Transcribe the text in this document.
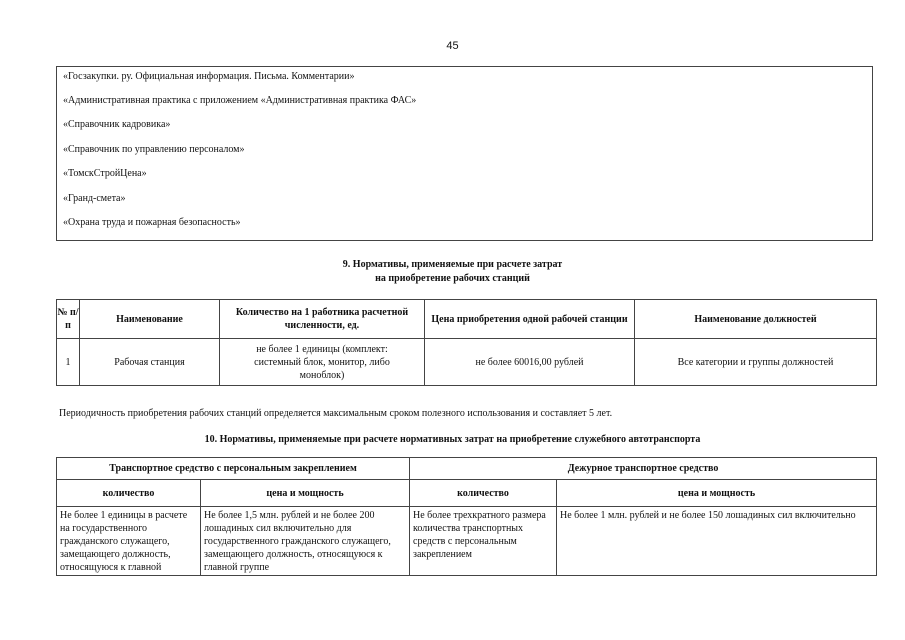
45
«Госзакупки. ру. Официальная информация. Письма. Комментарии»
«Административная практика с приложением «Административная практика ФАС»
«Справочник кадровика»
«Справочник по управлению персоналом»
«ТомскСтройЦена»
«Гранд-смета»
«Охрана труда и пожарная безопасность»
9. Нормативы, применяемые при расчете затрат
на приобретение рабочих станций
№ п/п	Наименование	Количество на 1 работника расчетной численности, ед.	Цена приобретения одной рабочей станции	Наименование должностей
1	Рабочая станция	не более 1 единицы (комплект: системный блок, монитор, либо моноблок)	не более 60016,00 рублей	Все категории и группы должностей
Периодичность приобретения рабочих станций определяется максимальным сроком полезного использования и составляет 5 лет.
10. Нормативы, применяемые при расчете нормативных затрат на приобретение служебного автотранспорта
Транспортное средство с персональным закреплением		Дежурное транспортное средство	
количество	цена и мощность	количество	цена и мощность

Не более 1 единицы в расчете на государственного гражданского служащего, замещающего должность, относящуюся к главной	Не более 1,5 млн. рублей и не более 200 лошадиных сил включительно для государственного гражданского служащего, замещающего должность, относящуюся к главной группе	Не более трехкратного размера количества транспортных средств с персональным закреплением	Не более 1 млн. рублей и не более 150 лошадиных сил включительно
